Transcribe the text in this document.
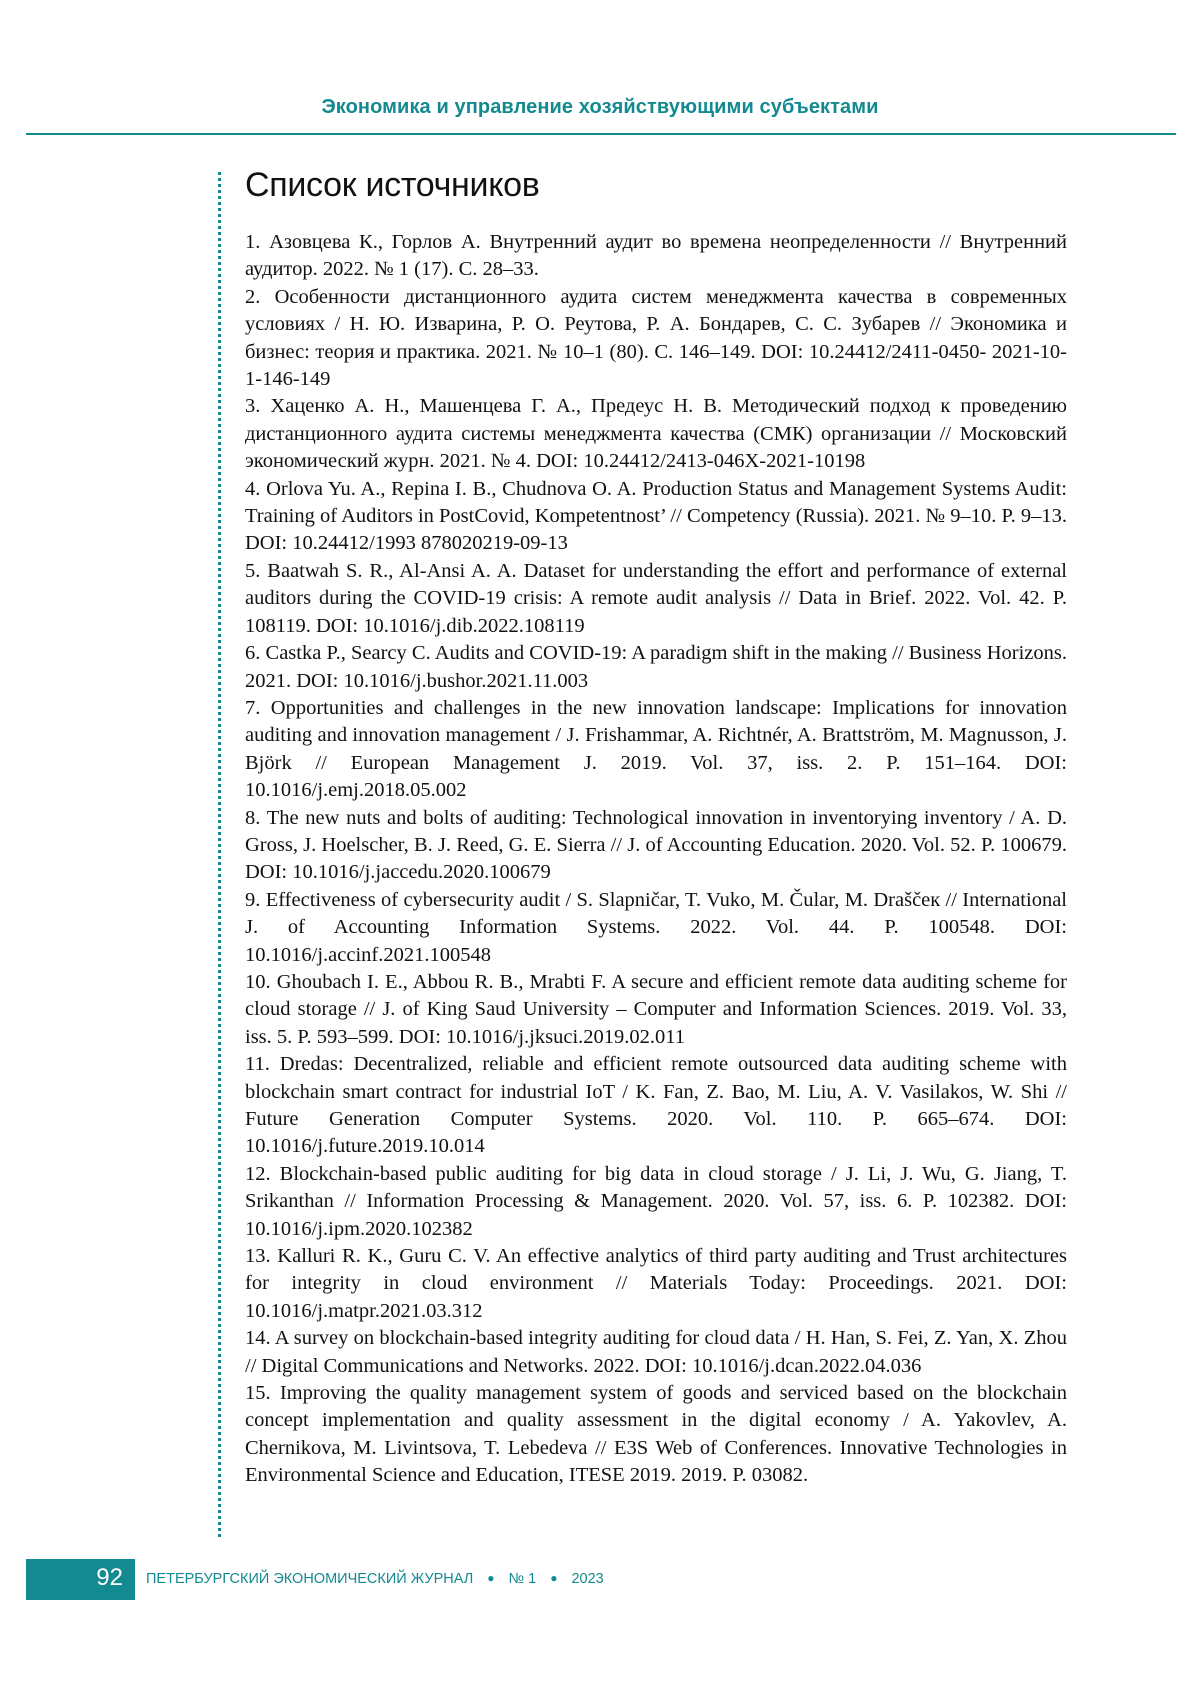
Экономика и управление хозяйствующими субъектами
Список источников
1. Азовцева К., Горлов А. Внутренний аудит во времена неопределенности // Внутренний аудитор. 2022. № 1 (17). С. 28–33.
2. Особенности дистанционного аудита систем менеджмента качества в современных условиях / Н. Ю. Изварина, Р. О. Реутова, Р. А. Бондарев, С. С. Зубарев // Экономика и бизнес: теория и практика. 2021. № 10–1 (80). С. 146–149. DOI: 10.24412/2411-0450- 2021-10-1-146-149
3. Хаценко А. Н., Машенцева Г. А., Предеус Н. В. Методический подход к проведению дистанционного аудита системы менеджмента качества (СМК) организации // Московский экономический журн. 2021. № 4. DOI: 10.24412/2413-046X-2021-10198
4. Orlova Yu. A., Repina I. B., Chudnova O. A. Production Status and Management Systems Audit: Training of Auditors in PostCovid, Kompetentnost’ // Competency (Russia). 2021. № 9–10. P. 9–13. DOI: 10.24412/1993 878020219-09-13
5. Baatwah S. R., Al-Ansi A. A. Dataset for understanding the effort and performance of external auditors during the COVID-19 crisis: A remote audit analysis // Data in Brief. 2022. Vol. 42. P. 108119. DOI: 10.1016/j.dib.2022.108119
6. Castka P., Searcy C. Audits and COVID-19: A paradigm shift in the making // Business Horizons. 2021. DOI: 10.1016/j.bushor.2021.11.003
7. Opportunities and challenges in the new innovation landscape: Implications for innovation auditing and innovation management / J. Frishammar, A. Richtnér, A. Brattström, M. Magnusson, J. Björk // European Management J. 2019. Vol. 37, iss. 2. P. 151–164. DOI: 10.1016/j.emj.2018.05.002
8. The new nuts and bolts of auditing: Technological innovation in inventorying inventory / A. D. Gross, J. Hoelscher, B. J. Reed, G. E. Sierra // J. of Accounting Education. 2020. Vol. 52. P. 100679. DOI: 10.1016/j.jaccedu.2020.100679
9. Effectiveness of cybersecurity audit / S. Slapničar, T. Vuko, M. Čular, M. Draščeк // International J. of Accounting Information Systems. 2022. Vol. 44. P. 100548. DOI: 10.1016/j.accinf.2021.100548
10. Ghoubach I. E., Abbou R. B., Mrabti F. A secure and efficient remote data auditing scheme for cloud storage // J. of King Saud University – Computer and Information Sciences. 2019. Vol. 33, iss. 5. P. 593–599. DOI: 10.1016/j.jksuci.2019.02.011
11. Dredas: Decentralized, reliable and efficient remote outsourced data auditing scheme with blockchain smart contract for industrial IoT / K. Fan, Z. Bao, M. Liu, A. V. Vasilakos, W. Shi // Future Generation Computer Systems. 2020. Vol. 110. P. 665–674. DOI: 10.1016/j.future.2019.10.014
12. Blockchain-based public auditing for big data in cloud storage / J. Li, J. Wu, G. Jiang, T. Srikanthan // Information Processing & Management. 2020. Vol. 57, iss. 6. P. 102382. DOI: 10.1016/j.ipm.2020.102382
13. Kalluri R. K., Guru C. V. An effective analytics of third party auditing and Trust architectures for integrity in cloud environment // Materials Today: Proceedings. 2021. DOI: 10.1016/j.matpr.2021.03.312
14. A survey on blockchain-based integrity auditing for cloud data / H. Han, S. Fei, Z. Yan, X. Zhou // Digital Communications and Networks. 2022. DOI: 10.1016/j.dcan.2022.04.036
15. Improving the quality management system of goods and serviced based on the blockchain concept implementation and quality assessment in the digital economy / A. Yakovlev, A. Chernikova, M. Livintsova, T. Lebedeva // E3S Web of Conferences. Innovative Technologies in Environmental Science and Education, ITESE 2019. 2019. P. 03082.
92 ПЕТЕРБУРГСКИЙ ЭКОНОМИЧЕСКИЙ ЖУРНАЛ ● № 1 ● 2023
